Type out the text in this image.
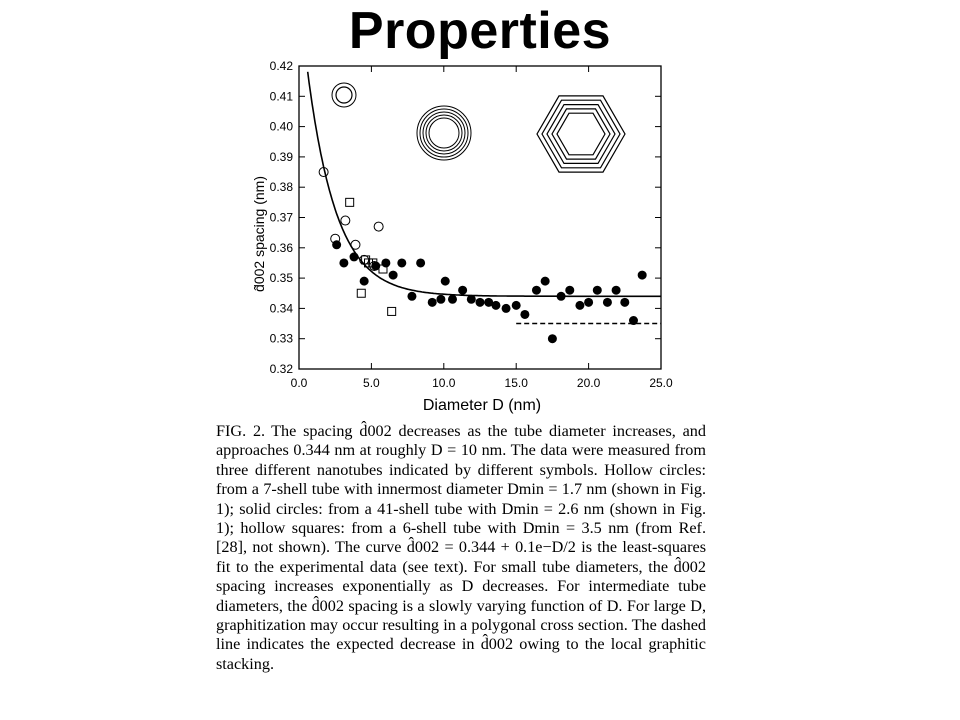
Properties
0.0	5.0	10.0	15.0	20.0	25.0
0.32
0.33
0.34
0.35
0.36
0.37
0.38
0.39
0.40
0.41
0.42
d̂002 spacing (nm)
Diameter D (nm)

FIG. 2. The spacing d̂002 decreases as the tube diameter increases, and approaches 0.344 nm at roughly D = 10 nm. The data were measured from three different nanotubes indicated by different symbols. Hollow circles: from a 7-shell tube with innermost diameter Dmin = 1.7 nm (shown in Fig. 1); solid circles: from a 41-shell tube with Dmin = 2.6 nm (shown in Fig. 1); hollow squares: from a 6-shell tube with Dmin = 3.5 nm (from Ref. [28], not shown). The curve d̂002 = 0.344 + 0.1e−D/2 is the least-squares fit to the experimental data (see text). For small tube diameters, the d̂002 spacing increases exponentially as D decreases. For intermediate tube diameters, the d̂002 spacing is a slowly varying function of D. For large D, graphitization may occur resulting in a polygonal cross section. The dashed line indicates the expected decrease in d̂002 owing to the local graphitic stacking.
